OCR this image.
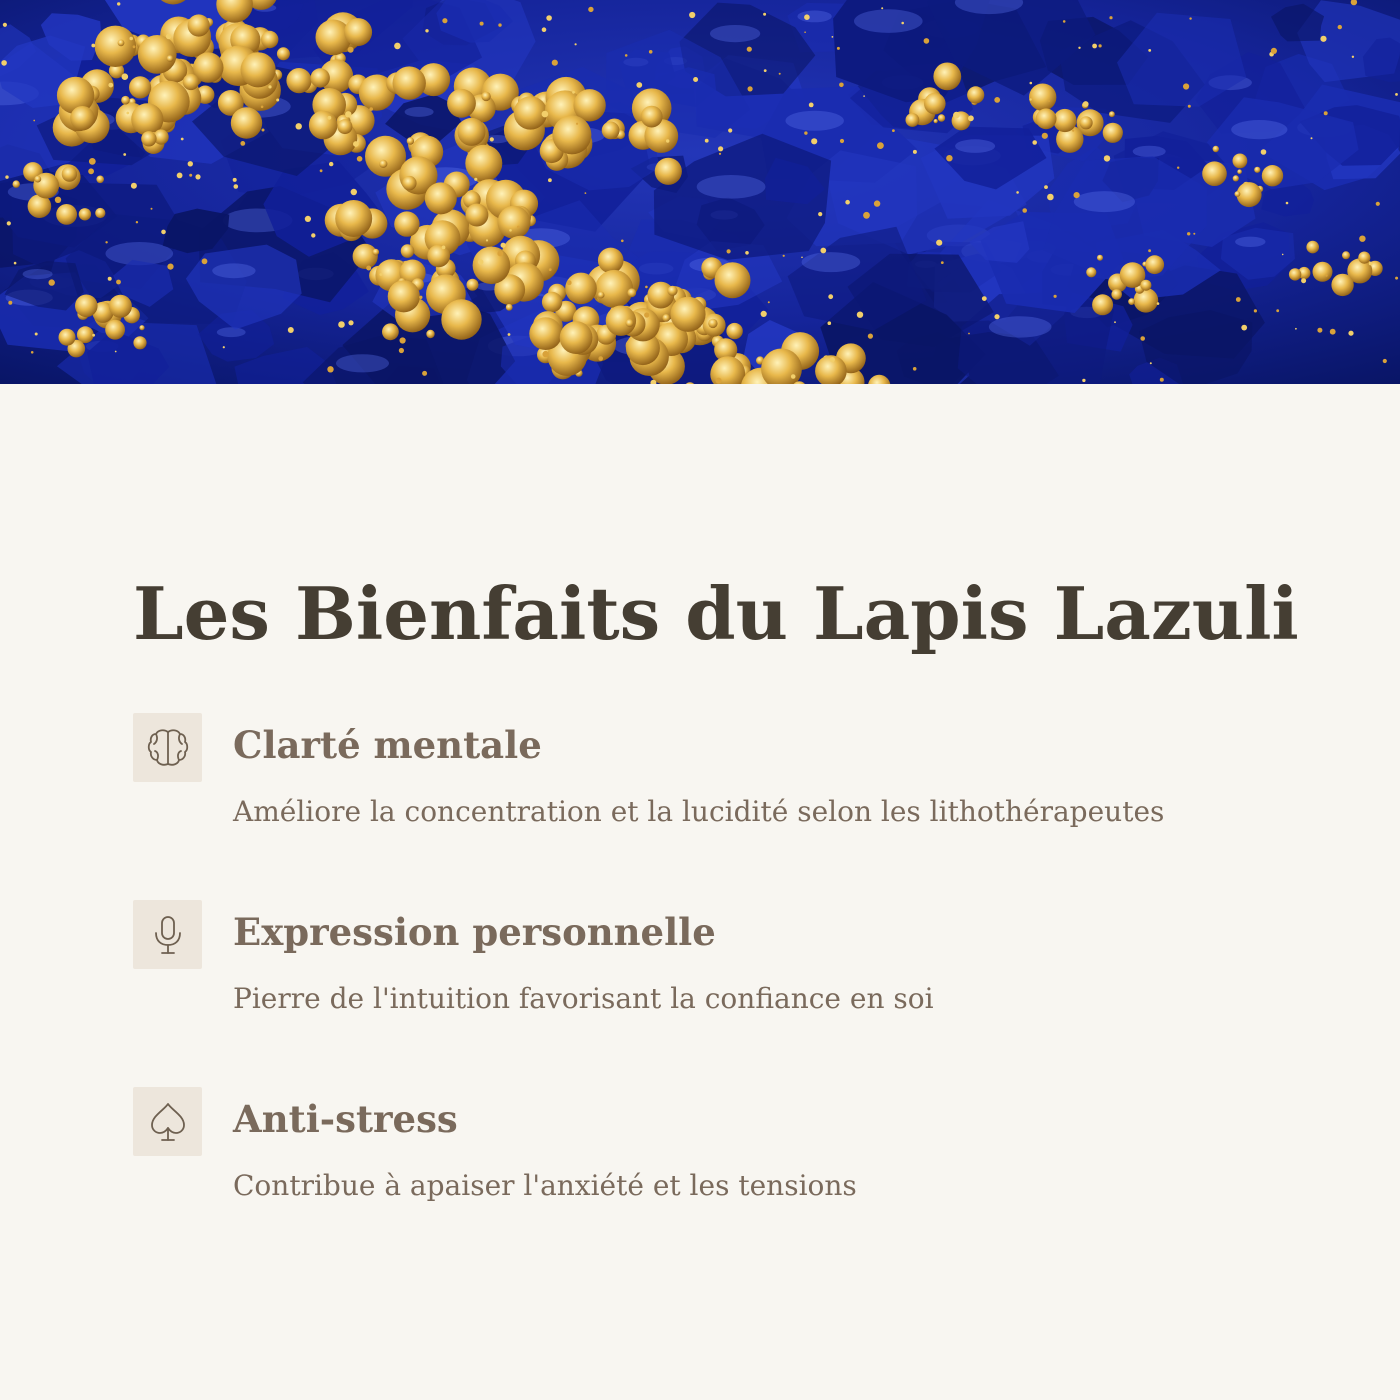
Les Bienfaits du Lapis Lazuli
Clarté mentale
Améliore la concentration et la lucidité selon les lithothérapeutes
Expression personnelle
Pierre de l'intuition favorisant la confiance en soi
Anti-stress
Contribue à apaiser l'anxiété et les tensions
